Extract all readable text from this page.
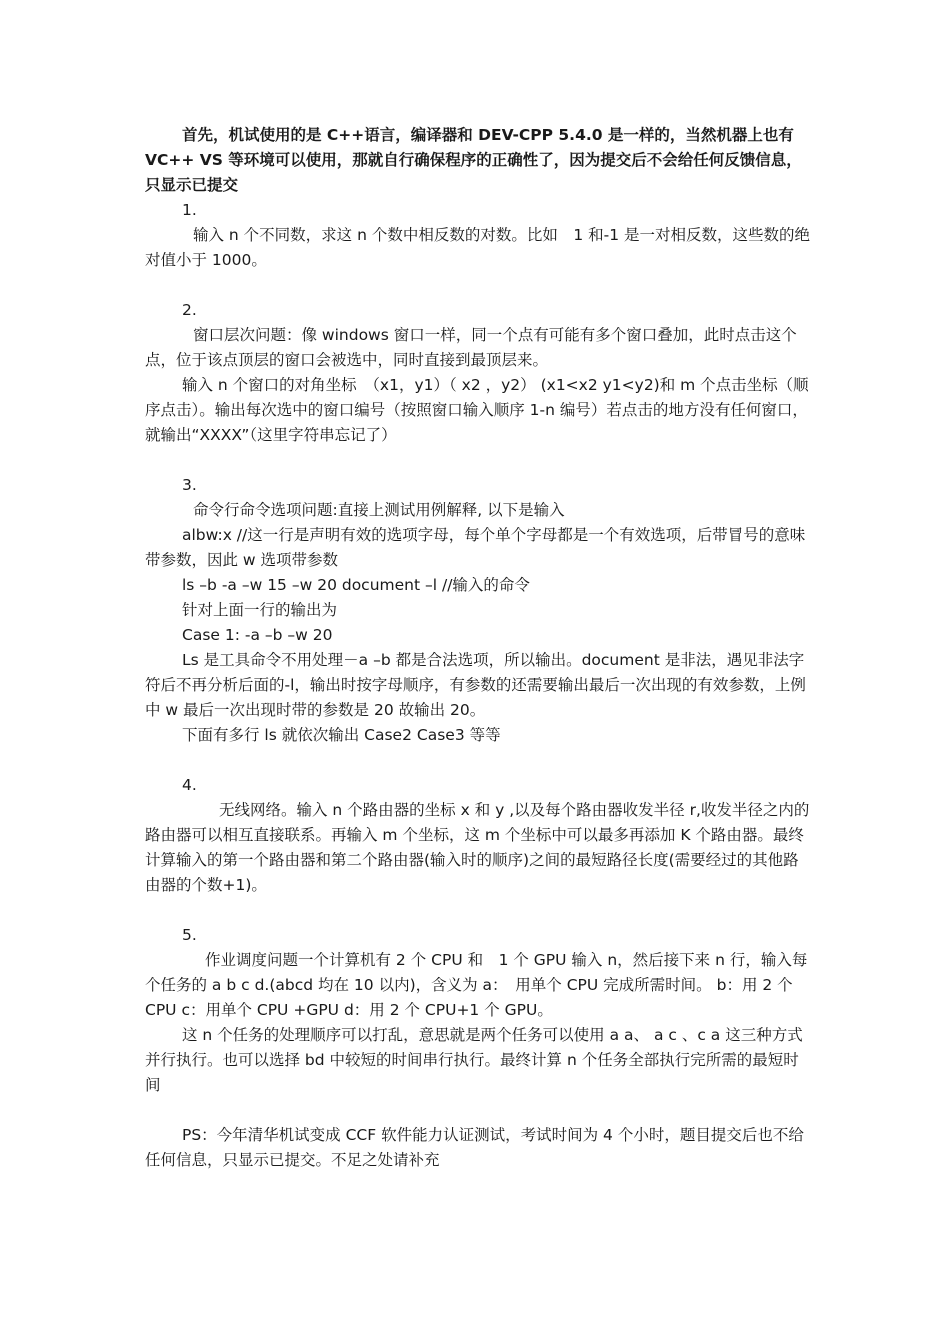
首先，机试使用的是 C++语言，编译器和 DEV-CPP 5.4.0 是一样的，当然机器上也有 VC++ VS 等环境可以使用，那就自行确保程序的正确性了，因为提交后不会给任何反馈信息，只显示已提交

1.

输入 n 个不同数，求这 n 个数中相反数的对数。比如　1 和-1 是一对相反数，这些数的绝对值小于 1000。

2.

窗口层次问题：像 windows 窗口一样，同一个点有可能有多个窗口叠加，此时点击这个点，位于该点顶层的窗口会被选中，同时直接到最顶层来。

输入 n 个窗口的对角坐标　（x1，y1）（ x2 ，y2） (x1<x2 y1<y2)和 m 个点击坐标（顺序点击）。输出每次选中的窗口编号（按照窗口输入顺序 1-n 编号）若点击的地方没有任何窗口，就输出“XXXX”（这里字符串忘记了）

3.

命令行命令选项问题:直接上测试用例解释, 以下是输入

albw:x //这一行是声明有效的选项字母，每个单个字母都是一个有效选项，后带冒号的意味带参数，因此 w 选项带参数

ls –b -a –w 15 –w 20 document –l //输入的命令

针对上面一行的输出为

Case 1: -a –b –w 20

Ls 是工具命令不用处理－a –b 都是合法选项，所以输出。document 是非法，遇见非法字符后不再分析后面的-l，输出时按字母顺序，有参数的还需要输出最后一次出现的有效参数，上例中 w 最后一次出现时带的参数是 20 故输出 20。

下面有多行 ls 就依次输出 Case2 Case3 等等

4.

无线网络。输入 n 个路由器的坐标 x 和 y ,以及每个路由器收发半径 r,收发半径之内的路由器可以相互直接联系。再输入 m 个坐标，这 m 个坐标中可以最多再添加 K 个路由器。最终计算输入的第一个路由器和第二个路由器(输入时的顺序)之间的最短路径长度(需要经过的其他路由器的个数+1)。

5.

作业调度问题一个计算机有 2 个 CPU 和　1 个 GPU 输入 n，然后接下来 n 行，输入每个任务的 a b c d.(abcd 均在 10 以内)，含义为 a：　用单个 CPU 完成所需时间。 b：用 2 个 CPU c：用单个 CPU +GPU d：用 2 个 CPU+1 个 GPU。

这 n 个任务的处理顺序可以打乱，意思就是两个任务可以使用 a a、 a c 、c a 这三种方式并行执行。也可以选择 bd 中较短的时间串行执行。最终计算 n 个任务全部执行完所需的最短时间

PS：今年清华机试变成 CCF 软件能力认证测试，考试时间为 4 个小时，题目提交后也不给任何信息，只显示已提交。不足之处请补充
